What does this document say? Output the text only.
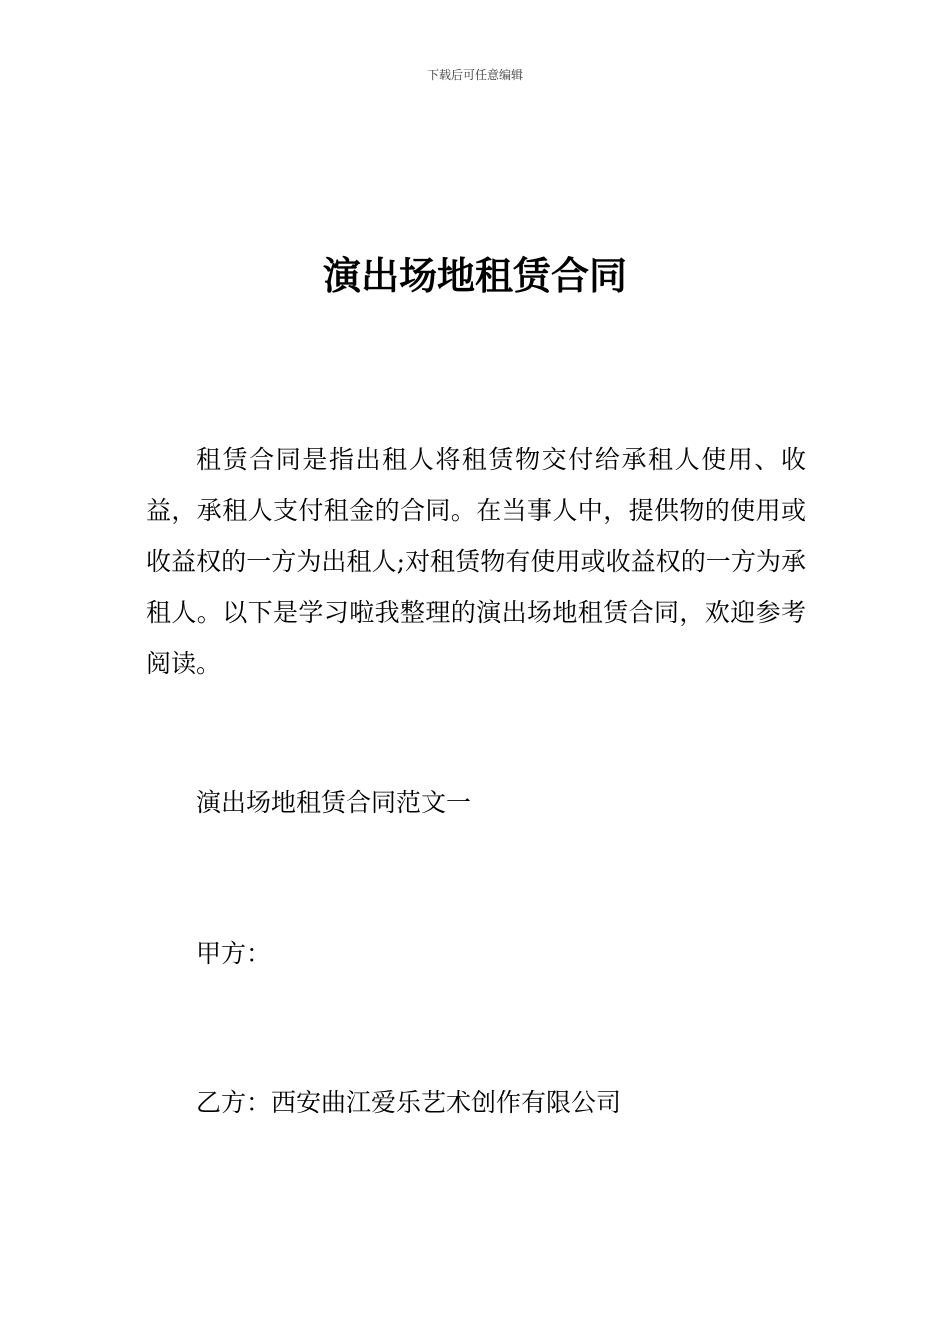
下载后可任意编辑
演出场地租赁合同

租赁合同是指出租人将租赁物交付给承租人使用、收益，承租人支付租金的合同。在当事人中，提供物的使用或收益权的一方为出租人;对租赁物有使用或收益权的一方为承租人。以下是学习啦我整理的演出场地租赁合同，欢迎参考阅读。

演出场地租赁合同范文一

甲方：

乙方：西安曲江爱乐艺术创作有限公司
